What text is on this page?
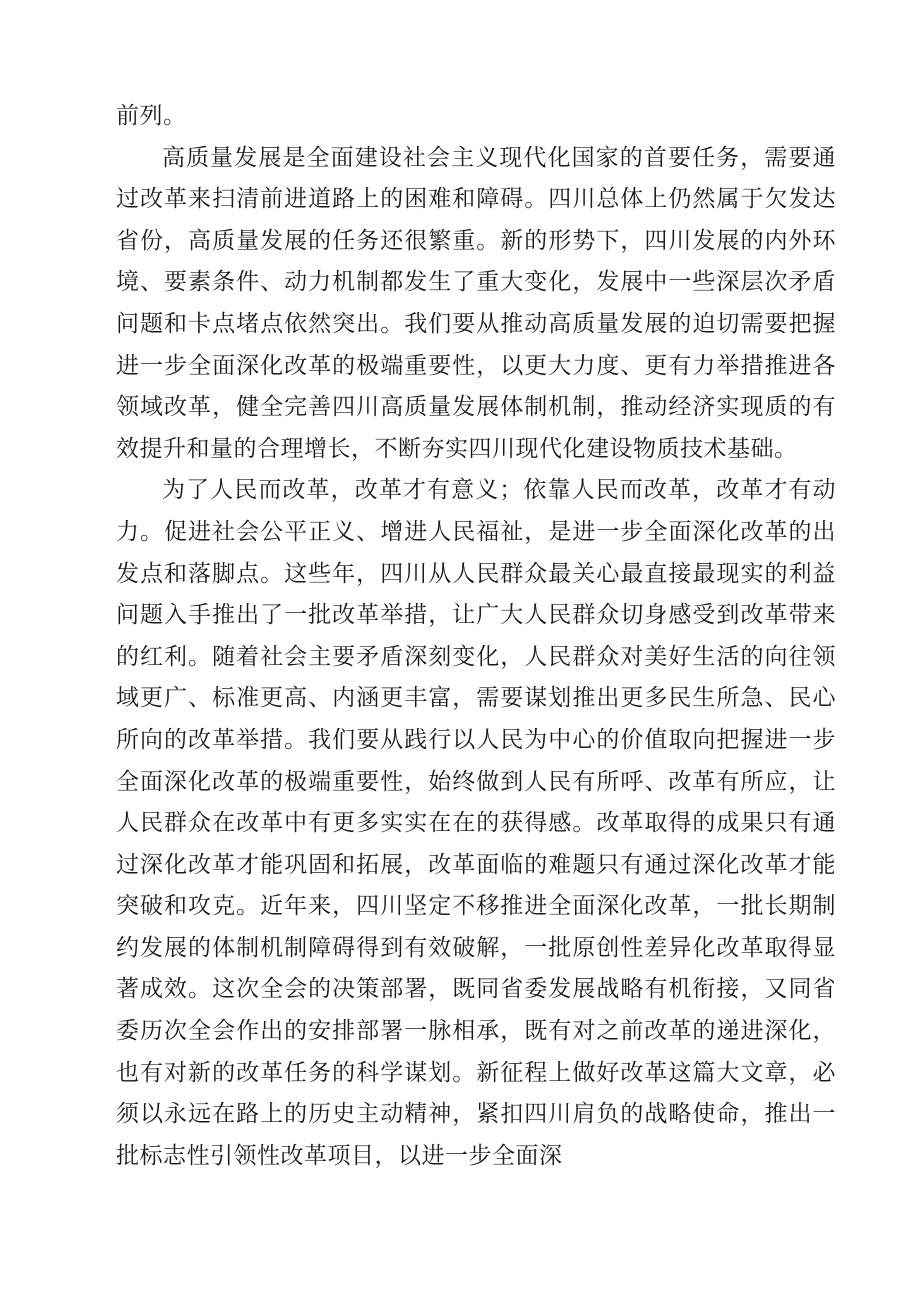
前列。

高质量发展是全面建设社会主义现代化国家的首要任务，需要通过改革来扫清前进道路上的困难和障碍。四川总体上仍然属于欠发达省份，高质量发展的任务还很繁重。新的形势下，四川发展的内外环境、要素条件、动力机制都发生了重大变化，发展中一些深层次矛盾问题和卡点堵点依然突出。我们要从推动高质量发展的迫切需要把握进一步全面深化改革的极端重要性，以更大力度、更有力举措推进各领域改革，健全完善四川高质量发展体制机制，推动经济实现质的有效提升和量的合理增长，不断夯实四川现代化建设物质技术基础。

为了人民而改革，改革才有意义；依靠人民而改革，改革才有动力。促进社会公平正义、增进人民福祉，是进一步全面深化改革的出发点和落脚点。这些年，四川从人民群众最关心最直接最现实的利益问题入手推出了一批改革举措，让广大人民群众切身感受到改革带来的红利。随着社会主要矛盾深刻变化，人民群众对美好生活的向往领域更广、标准更高、内涵更丰富，需要谋划推出更多民生所急、民心所向的改革举措。我们要从践行以人民为中心的价值取向把握进一步全面深化改革的极端重要性，始终做到人民有所呼、改革有所应，让人民群众在改革中有更多实实在在的获得感。改革取得的成果只有通过深化改革才能巩固和拓展，改革面临的难题只有通过深化改革才能突破和攻克。近年来，四川坚定不移推进全面深化改革，一批长期制约发展的体制机制障碍得到有效破解，一批原创性差异化改革取得显著成效。这次全会的决策部署，既同省委发展战略有机衔接，又同省委历次全会作出的安排部署一脉相承，既有对之前改革的递进深化，也有对新的改革任务的科学谋划。新征程上做好改革这篇大文章，必须以永远在路上的历史主动精神，紧扣四川肩负的战略使命，推出一批标志性引领性改革项目，以进一步全面深
